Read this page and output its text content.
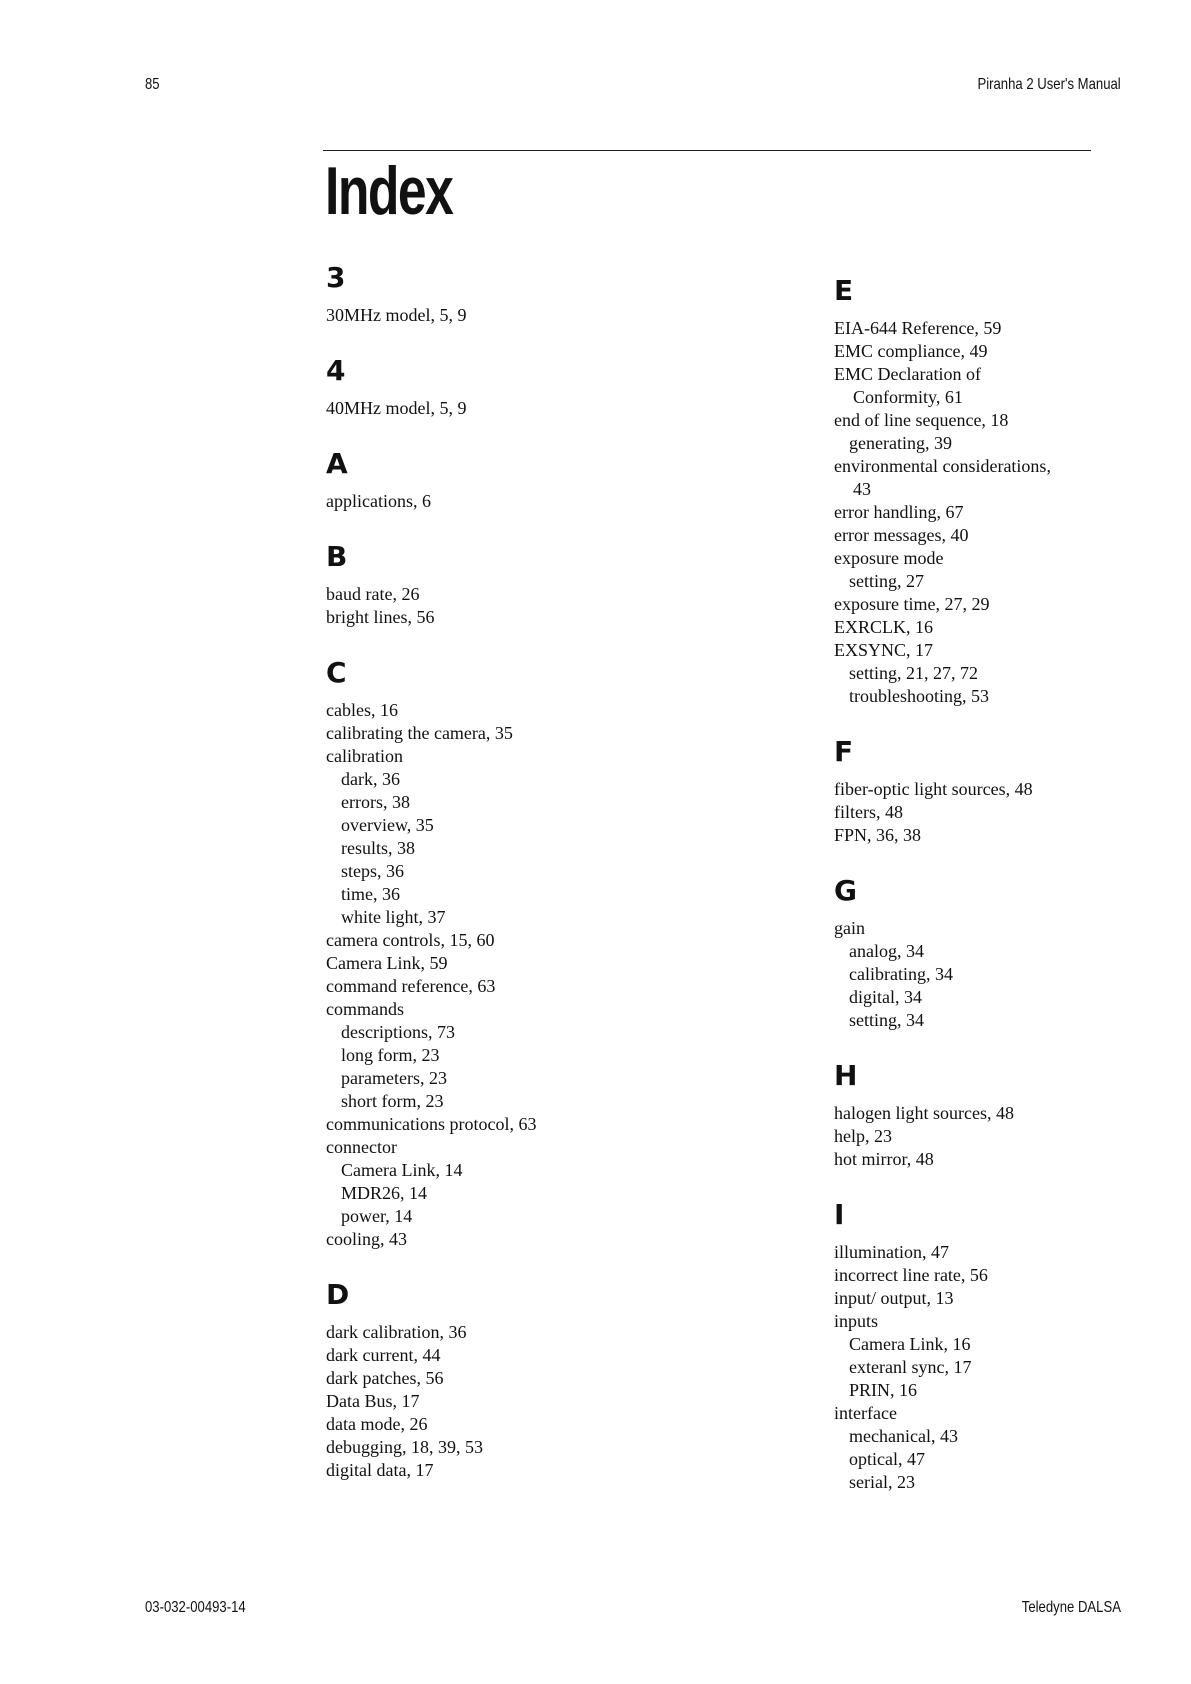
85	Piranha 2 User's Manual
Index
3
30MHz model, 5, 9
4
40MHz model, 5, 9
A
applications, 6
B
baud rate, 26
bright lines, 56
C
cables, 16
calibrating the camera, 35
calibration
dark, 36
errors, 38
overview, 35
results, 38
steps, 36
time, 36
white light, 37
camera controls, 15, 60
Camera Link, 59
command reference, 63
commands
descriptions, 73
long form, 23
parameters, 23
short form, 23
communications protocol, 63
connector
Camera Link, 14
MDR26, 14
power, 14
cooling, 43
D
dark calibration, 36
dark current, 44
dark patches, 56
Data Bus, 17
data mode, 26
debugging, 18, 39, 53
digital data, 17
E
EIA-644 Reference, 59
EMC compliance, 49
EMC Declaration of
Conformity, 61
end of line sequence, 18
generating, 39
environmental considerations,
43
error handling, 67
error messages, 40
exposure mode
setting, 27
exposure time, 27, 29
EXRCLK, 16
EXSYNC, 17
setting, 21, 27, 72
troubleshooting, 53
F
fiber-optic light sources, 48
filters, 48
FPN, 36, 38
G
gain
analog, 34
calibrating, 34
digital, 34
setting, 34
H
halogen light sources, 48
help, 23
hot mirror, 48
I
illumination, 47
incorrect line rate, 56
input/ output, 13
inputs
Camera Link, 16
exteranl sync, 17
PRIN, 16
interface
mechanical, 43
optical, 47
serial, 23
03-032-00493-14	Teledyne DALSA
